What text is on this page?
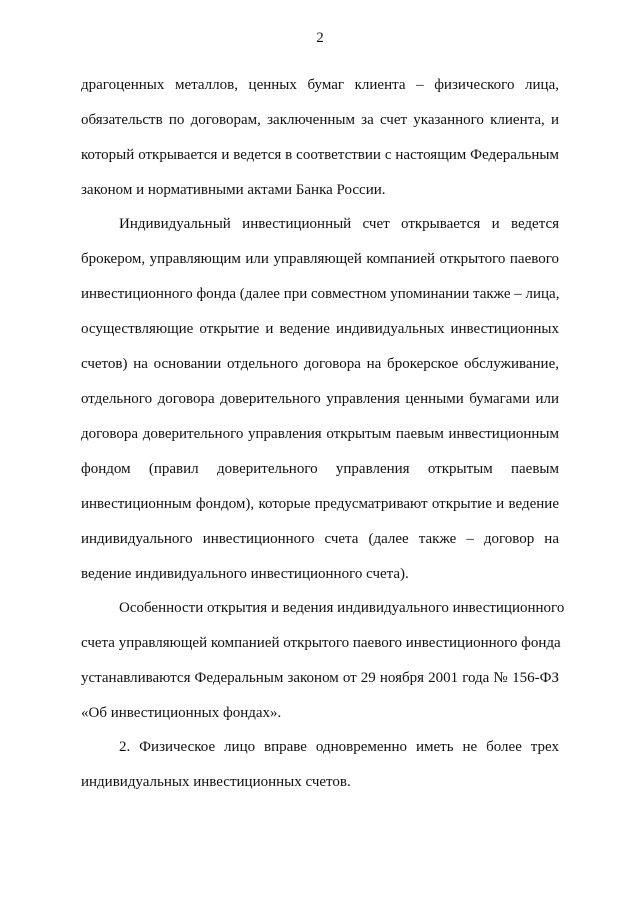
2
драгоценных металлов, ценных бумаг клиента – физического лица,
обязательств по договорам, заключенным за счет указанного клиента, и
который открывается и ведется в соответствии с настоящим Федеральным
законом и нормативными актами Банка России.
Индивидуальный инвестиционный счет открывается и ведется
брокером, управляющим или управляющей компанией открытого паевого
инвестиционного фонда (далее при совместном упоминании также – лица,
осуществляющие открытие и ведение индивидуальных инвестиционных
счетов) на основании отдельного договора на брокерское обслуживание,
отдельного договора доверительного управления ценными бумагами или
договора доверительного управления открытым паевым инвестиционным
фондом (правил доверительного управления открытым паевым
инвестиционным фондом), которые предусматривают открытие и ведение
индивидуального инвестиционного счета (далее также – договор на
ведение индивидуального инвестиционного счета).
Особенности открытия и ведения индивидуального инвестиционного
счета управляющей компанией открытого паевого инвестиционного фонда
устанавливаются Федеральным законом от 29 ноября 2001 года № 156-ФЗ
«Об инвестиционных фондах».
2. Физическое лицо вправе одновременно иметь не более трех
индивидуальных инвестиционных счетов.
